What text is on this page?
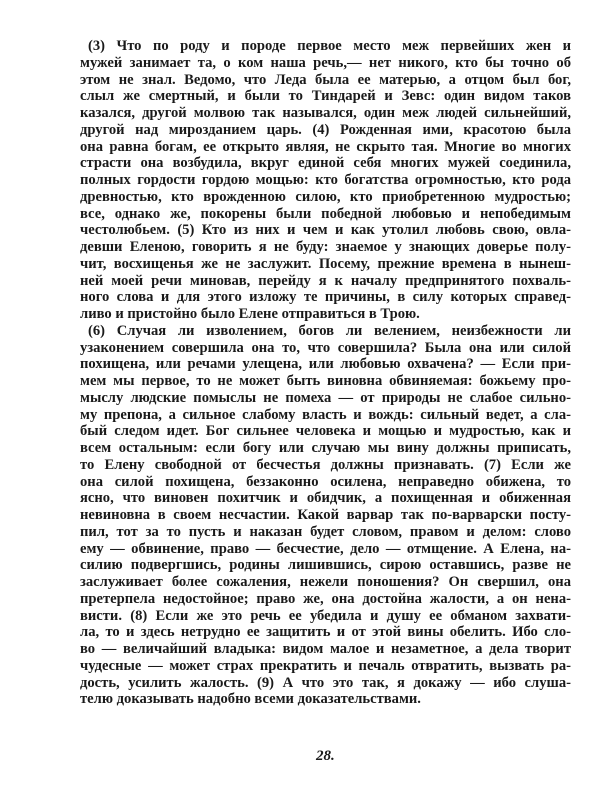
(3) Что по роду и породе первое место меж первейших жен и
мужей занимает та, о ком наша речь,— нет никого, кто бы точно об
этом не знал. Ведомо, что Леда была ее матерью, а отцом был бог,
слыл же смертный, и были то Тиндарей и Зевс: один видом таков
казался, другой молвою так назывался, один меж людей сильнейший,
другой над мирозданием царь. (4) Рожденная ими, красотою была
она равна богам, ее открыто являя, не скрыто тая. Многие во многих
страсти она возбудила, вкруг единой себя многих мужей соединила,
полных гордости гордою мощью: кто богатства огромностью, кто рода
древностью, кто врожденною силою, кто приобретенною мудростью;
все, однако же, покорены были победной любовью и непобедимым
честолюбьем. (5) Кто из них и чем и как утолил любовь свою, овла-
девши Еленою, говорить я не буду: знаемое у знающих доверье полу-
чит, восхищенья же не заслужит. Посему, прежние времена в нынеш-
ней моей речи миновав, перейду я к началу предпринятого похваль-
ного слова и для этого изложу те причины, в силу которых справед-
ливо и пристойно было Елене отправиться в Трою.
(6) Случая ли изволением, богов ли велением, неизбежности ли
узаконением совершила она то, что совершила? Была она или силой
похищена, или речами улещена, или любовью охвачена? — Если при-
мем мы первое, то не может быть виновна обвиняемая: божьему про-
мыслу людские помыслы не помеха — от природы не слабое сильно-
му препона, а сильное слабому власть и вождь: сильный ведет, а сла-
бый следом идет. Бог сильнее человека и мощью и мудростью, как и
всем остальным: если богу или случаю мы вину должны приписать,
то Елену свободной от бесчестья должны признавать. (7) Если же
она силой похищена, беззаконно осилена, неправедно обижена, то
ясно, что виновен похитчик и обидчик, а похищенная и обиженная
невиновна в своем несчастии. Какой варвар так по-варварски посту-
пил, тот за то пусть и наказан будет словом, правом и делом: слово
ему — обвинение, право — бесчестие, дело — отмщение. А Елена, на-
силию подвергшись, родины лишившись, сирою оставшись, разве не
заслуживает более сожаления, нежели поношения? Он свершил, она
претерпела недостойное; право же, она достойна жалости, а он нена-
висти. (8) Если же это речь ее убедила и душу ее обманом захвати-
ла, то и здесь нетрудно ее защитить и от этой вины обелить. Ибо сло-
во — величайший владыка: видом малое и незаметное, а дела творит
чудесные — может страх прекратить и печаль отвратить, вызвать ра-
дость, усилить жалость. (9) А что это так, я докажу — ибо слуша-
телю доказывать надобно всеми доказательствами.
28.
